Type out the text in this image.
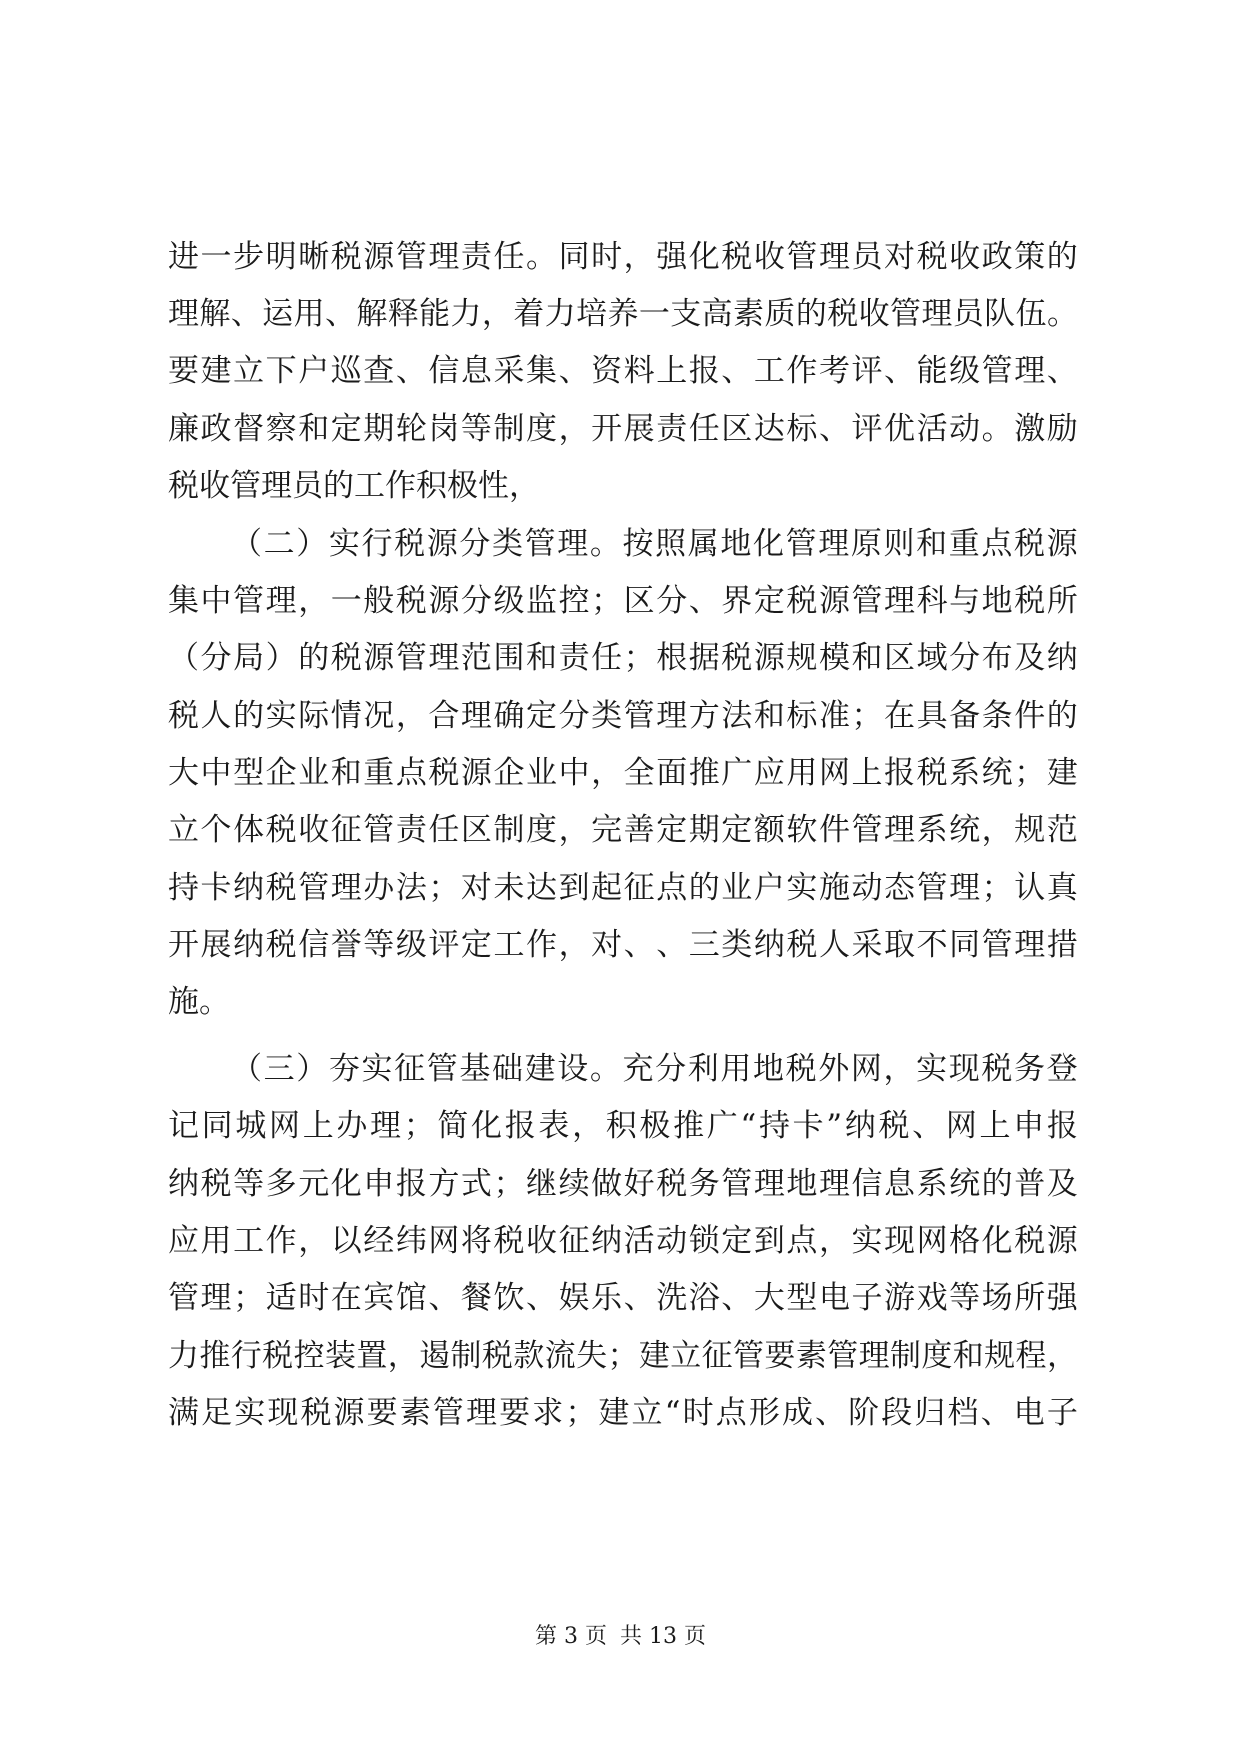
进 一 步 明 晰 税 源 管 理 责 任 。 同 时 ， 强 化 税 收 管 理 员 对 税 收 政 策 的
理 解 、 运 用 、 解 释 能 力 ， 着 力 培 养 一 支 高 素 质 的 税 收 管 理 员 队 伍 。
要 建 立 下 户 巡 查 、 信 息 采 集 、 资 料 上 报 、 工 作 考 评 、 能 级 管 理 、
廉 政 督 察 和 定 期 轮 岗 等 制 度 ， 开 展 责 任 区 达 标 、 评 优 活 动 。 激 励
税收管理员的工作积极性，
（ 二 ） 实 行 税 源 分 类 管 理 。 按 照 属 地 化 管 理 原 则 和 重 点 税 源
集 中 管 理 ， 一 般 税 源 分 级 监 控 ； 区 分 、 界 定 税 源 管 理 科 与 地 税 所
（ 分 局 ） 的 税 源 管 理 范 围 和 责 任 ； 根 据 税 源 规 模 和 区 域 分 布 及 纳
税 人 的 实 际 情 况 ， 合 理 确 定 分 类 管 理 方 法 和 标 准 ； 在 具 备 条 件 的
大 中 型 企 业 和 重 点 税 源 企 业 中 ， 全 面 推 广 应 用 网 上 报 税 系 统 ； 建
立 个 体 税 收 征 管 责 任 区 制 度 ， 完 善 定 期 定 额 软 件 管 理 系 统 ， 规 范
持 卡 纳 税 管 理 办 法 ； 对 未 达 到 起 征 点 的 业 户 实 施 动 态 管 理 ； 认 真
开 展 纳 税 信 誉 等 级 评 定 工 作 ， 对 、 、 三 类 纳 税 人 采 取 不 同 管 理 措
施。
（ 三 ） 夯 实 征 管 基 础 建 设 。 充 分 利 用 地 税 外 网 ， 实 现 税 务 登
记 同 城 网 上 办 理 ； 简 化 报 表 ， 积 极 推 广 “ 持 卡 ” 纳 税 、 网 上 申 报
纳 税 等 多 元 化 申 报 方 式 ； 继 续 做 好 税 务 管 理 地 理 信 息 系 统 的 普 及
应 用 工 作 ， 以 经 纬 网 将 税 收 征 纳 活 动 锁 定 到 点 ， 实 现 网 格 化 税 源
管 理 ； 适 时 在 宾 馆 、 餐 饮 、 娱 乐 、 洗 浴 、 大 型 电 子 游 戏 等 场 所 强
力 推 行 税 控 装 置 ， 遏 制 税 款 流 失 ； 建 立 征 管 要 素 管 理 制 度 和 规 程 ，
满 足 实 现 税 源 要 素 管 理 要 求 ； 建 立 “ 时 点 形 成 、 阶 段 归 档 、 电 子
第 3 页 共 13 页
